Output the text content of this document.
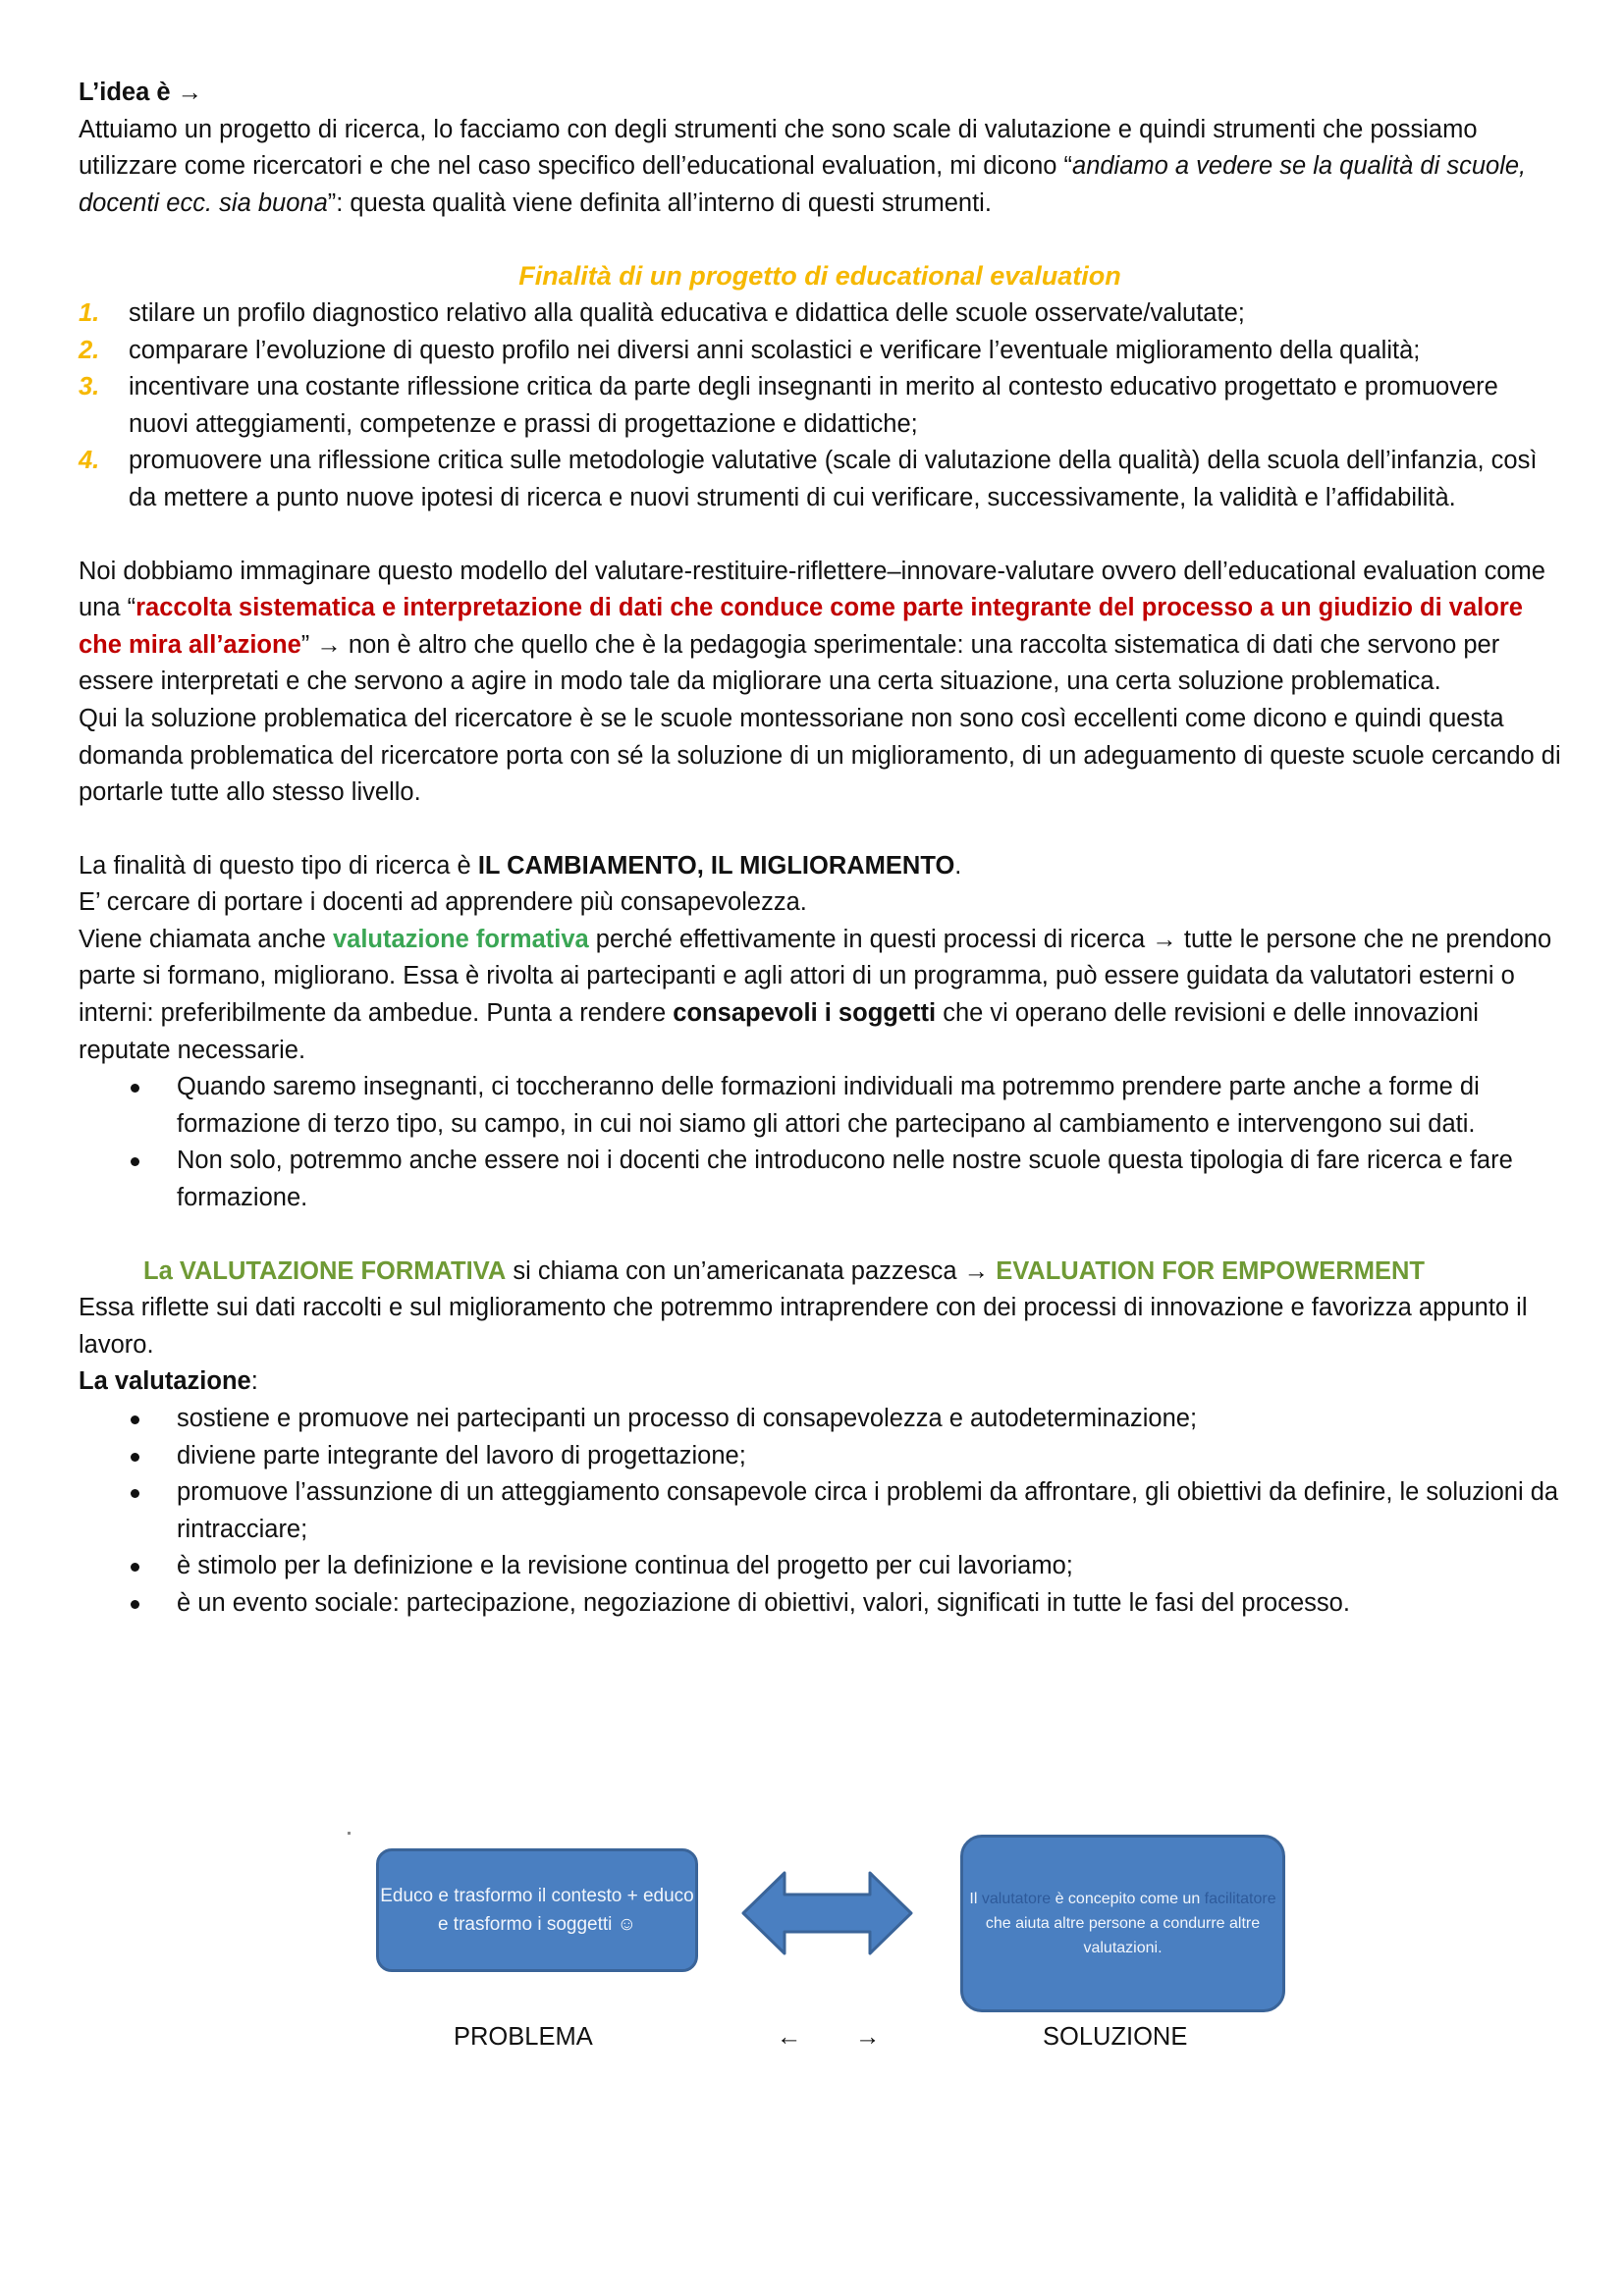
L’idea è →

Attuiamo un progetto di ricerca, lo facciamo con degli strumenti che sono scale di valutazione e quindi strumenti che possiamo utilizzare come ricercatori e che nel caso specifico dell’educational evaluation, mi dicono “andiamo a vedere se la qualità di scuole, docenti ecc. sia buona”: questa qualità viene definita all’interno di questi strumenti.

Finalità di un progetto di educational evaluation

1. stilare un profilo diagnostico relativo alla qualità educativa e didattica delle scuole osservate/valutate;
2. comparare l’evoluzione di questo profilo nei diversi anni scolastici e verificare l’eventuale miglioramento della qualità;
3. incentivare una costante riflessione critica da parte degli insegnanti in merito al contesto educativo progettato e promuovere nuovi atteggiamenti, competenze e prassi di progettazione e didattiche;
4. promuovere una riflessione critica sulle metodologie valutative (scale di valutazione della qualità) della scuola dell’infanzia, così da mettere a punto nuove ipotesi di ricerca e nuovi strumenti di cui verificare, successivamente, la validità e l’affidabilità.

Noi dobbiamo immaginare questo modello del valutare-restituire-riflettere–innovare-valutare ovvero dell’educational evaluation come una “raccolta sistematica e interpretazione di dati che conduce come parte integrante del processo a un giudizio di valore che mira all’azione” → non è altro che quello che è la pedagogia sperimentale: una raccolta sistematica di dati che servono per essere interpretati e che servono a agire in modo tale da migliorare una certa situazione, una certa soluzione problematica.

Qui la soluzione problematica del ricercatore è se le scuole montessoriane non sono così eccellenti come dicono e quindi questa domanda problematica del ricercatore porta con sé la soluzione di un miglioramento, di un adeguamento di queste scuole cercando di portarle tutte allo stesso livello.

La finalità di questo tipo di ricerca è IL CAMBIAMENTO, IL MIGLIORAMENTO.

E’ cercare di portare i docenti ad apprendere più consapevolezza.

Viene chiamata anche valutazione formativa perché effettivamente in questi processi di ricerca → tutte le persone che ne prendono parte si formano, migliorano. Essa è rivolta ai partecipanti e agli attori di un programma, può essere guidata da valutatori esterni o interni: preferibilmente da ambedue. Punta a rendere consapevoli i soggetti che vi operano delle revisioni e delle innovazioni reputate necessarie.

Quando saremo insegnanti, ci toccheranno delle formazioni individuali ma potremmo prendere parte anche a forme di formazione di terzo tipo, su campo, in cui noi siamo gli attori che partecipano al cambiamento e intervengono sui dati.
Non solo, potremmo anche essere noi i docenti che introducono nelle nostre scuole questa tipologia di fare ricerca e fare formazione.

La VALUTAZIONE FORMATIVA si chiama con un’americanata pazzesca → EVALUATION FOR EMPOWERMENT

Essa riflette sui dati raccolti e sul miglioramento che potremmo intraprendere con dei processi di innovazione e favorizza appunto il lavoro.

La valutazione:

sostiene e promuove nei partecipanti un processo di consapevolezza e autodeterminazione;
diviene parte integrante del lavoro di progettazione;
promuove l’assunzione di un atteggiamento consapevole circa i problemi da affrontare, gli obiettivi da definire, le soluzioni da rintracciare;
è stimolo per la definizione e la revisione continua del progetto per cui lavoriamo;
è un evento sociale: partecipazione, negoziazione di obiettivi, valori, significati in tutte le fasi del processo.
Educo e trasformo il contesto + educo e trasformo i soggetti ☺
Il valutatore è concepito come un facilitatore che aiuta altre persone a condurre altre valutazioni.
PROBLEMA	← →	SOLUZIONE
